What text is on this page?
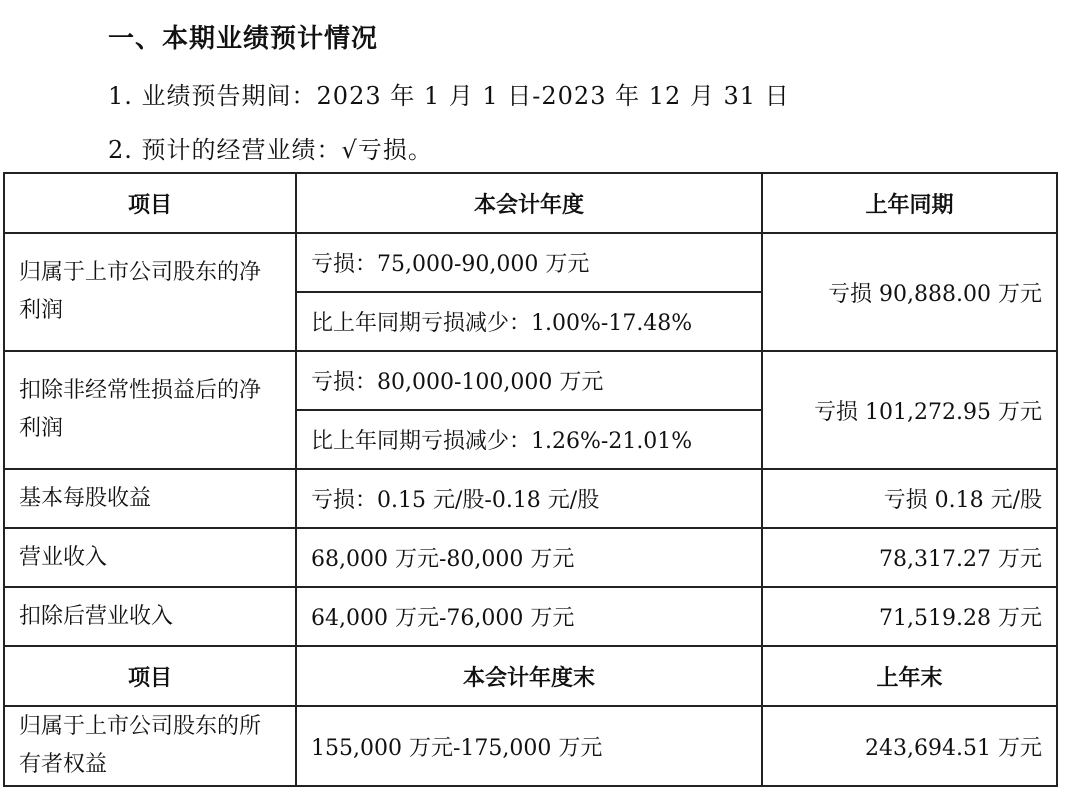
一、本期业绩预计情况
1. 业绩预告期间：2023 年 1 月 1 日-2023 年 12 月 31 日
2. 预计的经营业绩：√亏损。
项目	本会计年度	上年同期
归属于上市公司股东的净利润	亏损：75,000-90,000 万元	亏损 90,888.00 万元
	比上年同期亏损减少：1.00%-17.48%	
扣除非经常性损益后的净利润	亏损：80,000-100,000 万元	亏损 101,272.95 万元
	比上年同期亏损减少：1.26%-21.01%	
基本每股收益	亏损：0.15 元/股-0.18 元/股	亏损 0.18 元/股
营业收入	68,000 万元-80,000 万元	78,317.27 万元
扣除后营业收入	64,000 万元-76,000 万元	71,519.28 万元
项目	本会计年度末	上年末
归属于上市公司股东的所有者权益	155,000 万元-175,000 万元	243,694.51 万元
